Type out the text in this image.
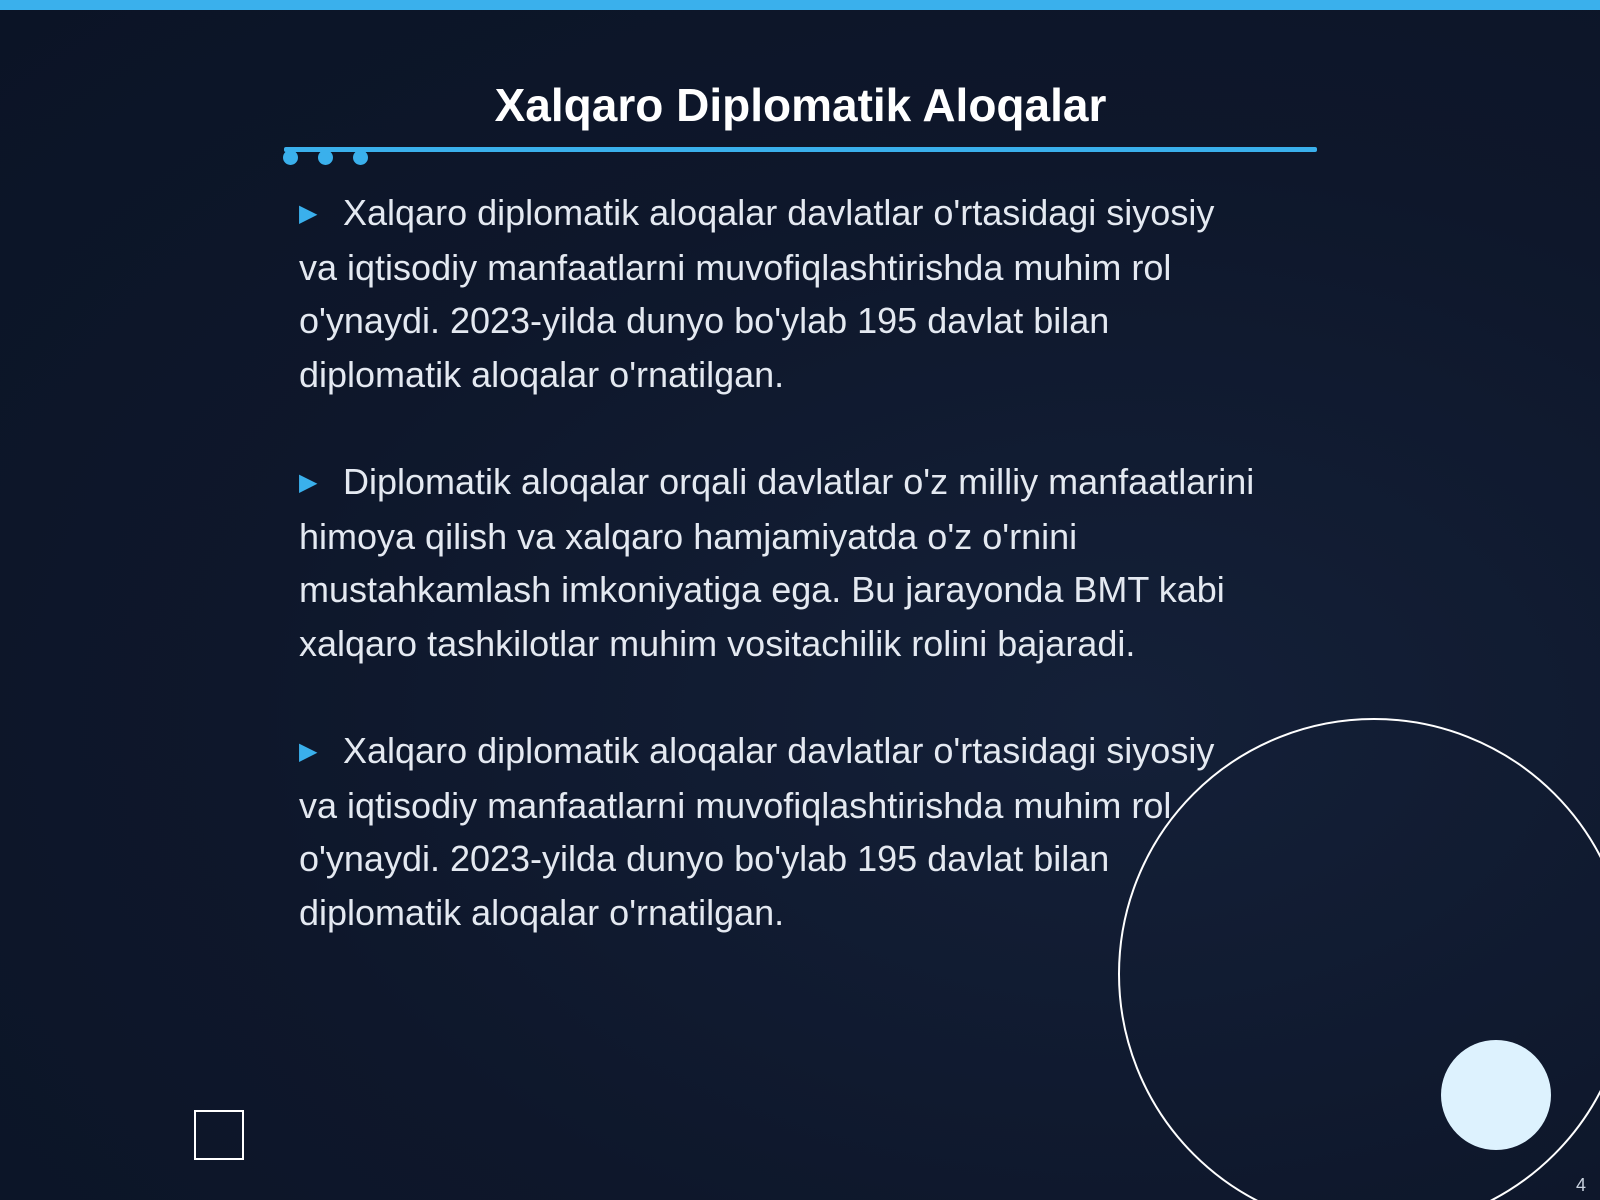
Xalqaro Diplomatik Aloqalar

▶ Xalqaro diplomatik aloqalar davlatlar o'rtasidagi siyosiy va iqtisodiy manfaatlarni muvofiqlashtirishda muhim rol o'ynaydi. 2023-yilda dunyo bo'ylab 195 davlat bilan diplomatik aloqalar o'rnatilgan.

▶ Diplomatik aloqalar orqali davlatlar o'z milliy manfaatlarini himoya qilish va xalqaro hamjamiyatda o'z o'rnini mustahkamlash imkoniyatiga ega. Bu jarayonda BMT kabi xalqaro tashkilotlar muhim vositachilik rolini bajaradi.

▶ Xalqaro diplomatik aloqalar davlatlar o'rtasidagi siyosiy va iqtisodiy manfaatlarni muvofiqlashtirishda muhim rol o'ynaydi. 2023-yilda dunyo bo'ylab 195 davlat bilan diplomatik aloqalar o'rnatilgan.

4
